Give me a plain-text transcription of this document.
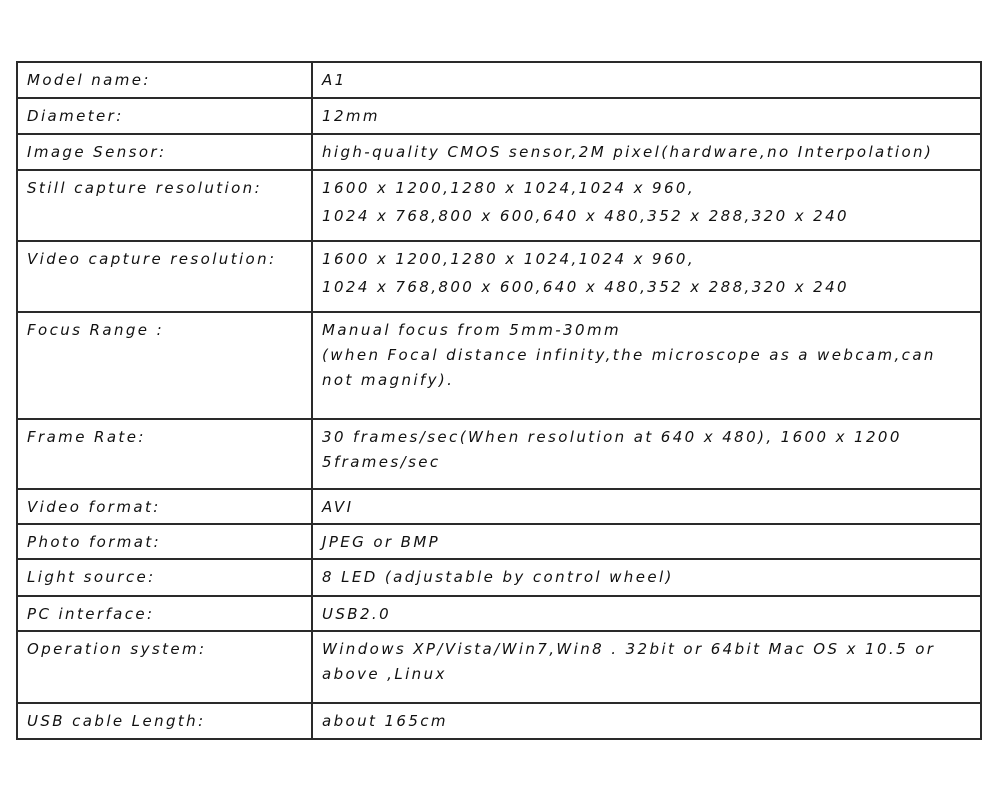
Model name:	A1

Diameter:	12mm

Image Sensor:	high-quality CMOS sensor,2M pixel(hardware,no Interpolation)

Still capture resolution:	1600 x 1200,1280 x 1024,1024 x 960,
1024 x 768,800 x 600,640 x 480,352 x 288,320 x 240

Video capture resolution:	1600 x 1200,1280 x 1024,1024 x 960,
1024 x 768,800 x 600,640 x 480,352 x 288,320 x 240

Focus Range :	Manual focus from 5mm-30mm
(when Focal distance infinity,the microscope as a webcam,can
not magnify).

Frame Rate:	30 frames/sec(When resolution at 640 x 480), 1600 x 1200
5frames/sec

Video format:	AVI

Photo format:	JPEG or BMP

Light source:	8 LED (adjustable by control wheel)

PC interface:	USB2.0

Operation system:	Windows XP/Vista/Win7,Win8 . 32bit or 64bit Mac OS x 10.5 or
above ,Linux

USB cable Length:	about 165cm
